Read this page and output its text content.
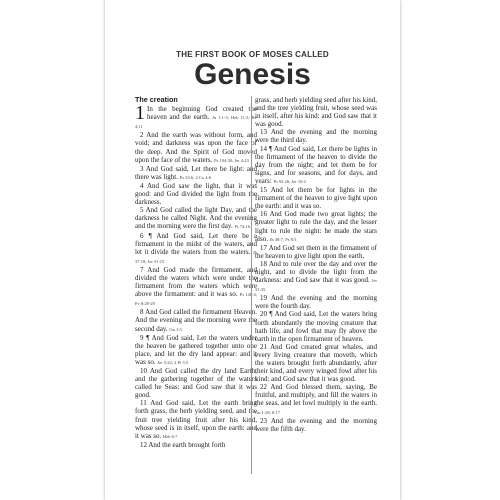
THE FIRST BOOK OF MOSES CALLED
Genesis
The creation

1 In the beginning God created the heaven and the earth. Jn 1:1-3; Heb 11:3; Rv 4:11

2 And the earth was without form, and void; and darkness was upon the face of the deep. And the Spirit of God moved upon the face of the waters. Ps 104:30; Jer 4:23

3 And God said, Let there be light: and there was light. Ps 33:6; 2 Co 4:6

4 And God saw the light, that it was good: and God divided the light from the darkness.

5 And God called the light Day, and the darkness he called Night. And the evening and the morning were the first day. Ps 74:16

6 ¶ And God said, Let there be a firmament in the midst of the waters, and let it divide the waters from the waters. Jb 37:18; Jer 51:15

7 And God made the firmament, and divided the waters which were under the firmament from the waters which were above the firmament: and it was so. Ps 148:4; Pv 8:28-29

8 And God called the firmament Heaven. And the evening and the morning were the second day. Gn 1:5

9 ¶ And God said, Let the waters under the heaven be gathered together unto one place, and let the dry land appear: and it was so. Jer 5:22; 2 Pt 3:5

10 And God called the dry land Earth; and the gathering together of the waters called he Seas: and God saw that it was good.

11 And God said, Let the earth bring forth grass, the herb yielding seed, and the fruit tree yielding fruit after his kind, whose seed is in itself, upon the earth: and it was so. Heb 6:7

12 And the earth brought forth

grass, and herb yielding seed after his kind, and the tree yielding fruit, whose seed was in itself, after his kind: and God saw that it was good.

13 And the evening and the morning were the third day.

14 ¶ And God said, Let there be lights in the firmament of the heaven to divide the day from the night; and let them be for signs, and for seasons, and for days, and years: Ps 92:26; Jer 10:2

15 And let them be for lights in the firmament of the heaven to give light upon the earth: and it was so.

16 And God made two great lights; the greater light to rule the day, and the lesser light to rule the night: he made the stars also. Jb 38:7; Ps 8:3

17 And God set them in the firmament of the heaven to give light upon the earth,

18 And to rule over the day and over the night, and to divide the light from the darkness: and God saw that it was good. Jer 31:35

19 And the evening and the morning were the fourth day.

20 ¶ And God said, Let the waters bring forth abundantly the moving creature that hath life, and fowl that may fly above the earth in the open firmament of heaven.

21 And God created great whales, and every living creature that moveth, which the waters brought forth abundantly, after their kind, and every winged fowl after his kind: and God saw that it was good.

22 And God blessed them, saying, Be fruitful, and multiply, and fill the waters in the seas, and let fowl multiply in the earth. Gn 1:28; 8:17

23 And the evening and the morning were the fifth day.
